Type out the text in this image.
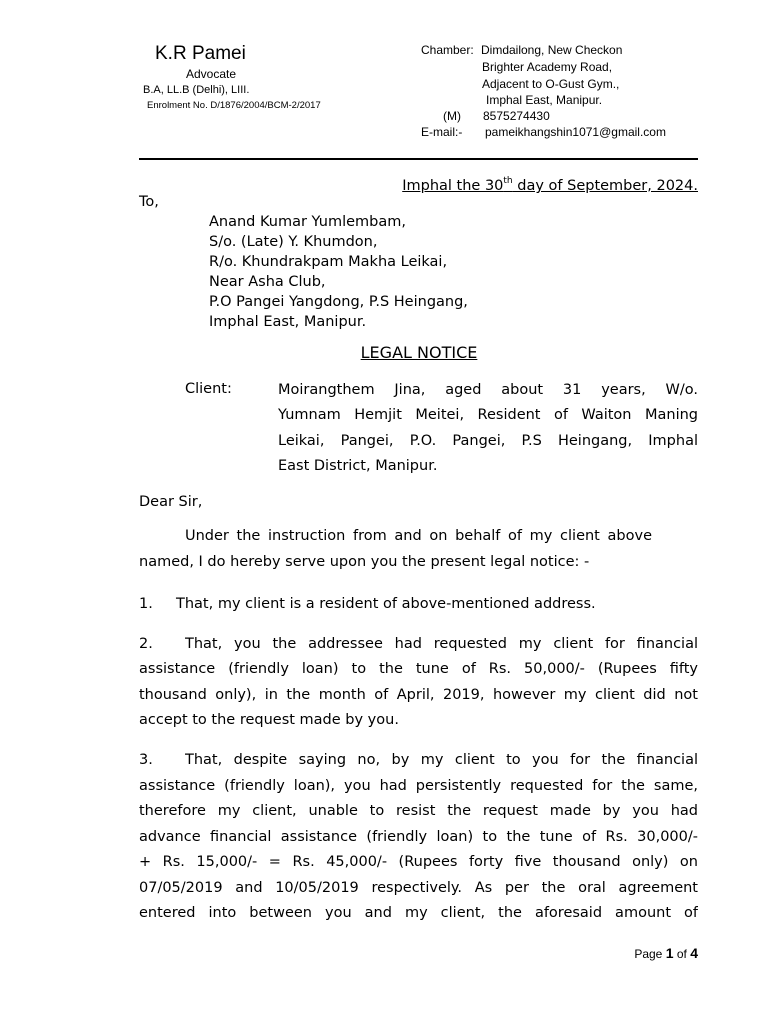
K.R Pamei
Advocate
B.A, LL.B (Delhi), LIII.
Enrolment No. D/1876/2004/BCM-2/2017
Chamber: Dimdailong, New Checkon
Brighter Academy Road,
Adjacent to O-Gust Gym.,
Imphal East, Manipur.
(M) 8575274430
E-mail:- pameikhangshin1071@gmail.com
Imphal the 30th day of September, 2024.
To,
Anand Kumar Yumlembam,
S/o. (Late) Y. Khumdon,
R/o. Khundrakpam Makha Leikai,
Near Asha Club,
P.O Pangei Yangdong, P.S Heingang,
Imphal East, Manipur.
LEGAL NOTICE
Client:	Moirangthem Jina, aged about 31 years, W/o.
Yumnam Hemjit Meitei, Resident of Waiton Maning
Leikai, Pangei, P.O. Pangei, P.S Heingang, Imphal
East District, Manipur.
Dear Sir,
Under the instruction from and on behalf of my client above
named, I do hereby serve upon you the present legal notice: -
1. That, my client is a resident of above-mentioned address.
2. That, you the addressee had requested my client for financial
assistance (friendly loan) to the tune of Rs. 50,000/- (Rupees fifty
thousand only), in the month of April, 2019, however my client did not
accept to the request made by you.
3. That, despite saying no, by my client to you for the financial
assistance (friendly loan), you had persistently requested for the same,
therefore my client, unable to resist the request made by you had
advance financial assistance (friendly loan) to the tune of Rs. 30,000/-
+ Rs. 15,000/- = Rs. 45,000/- (Rupees forty five thousand only) on
07/05/2019 and 10/05/2019 respectively. As per the oral agreement
entered into between you and my client, the aforesaid amount of
Page 1 of 4
